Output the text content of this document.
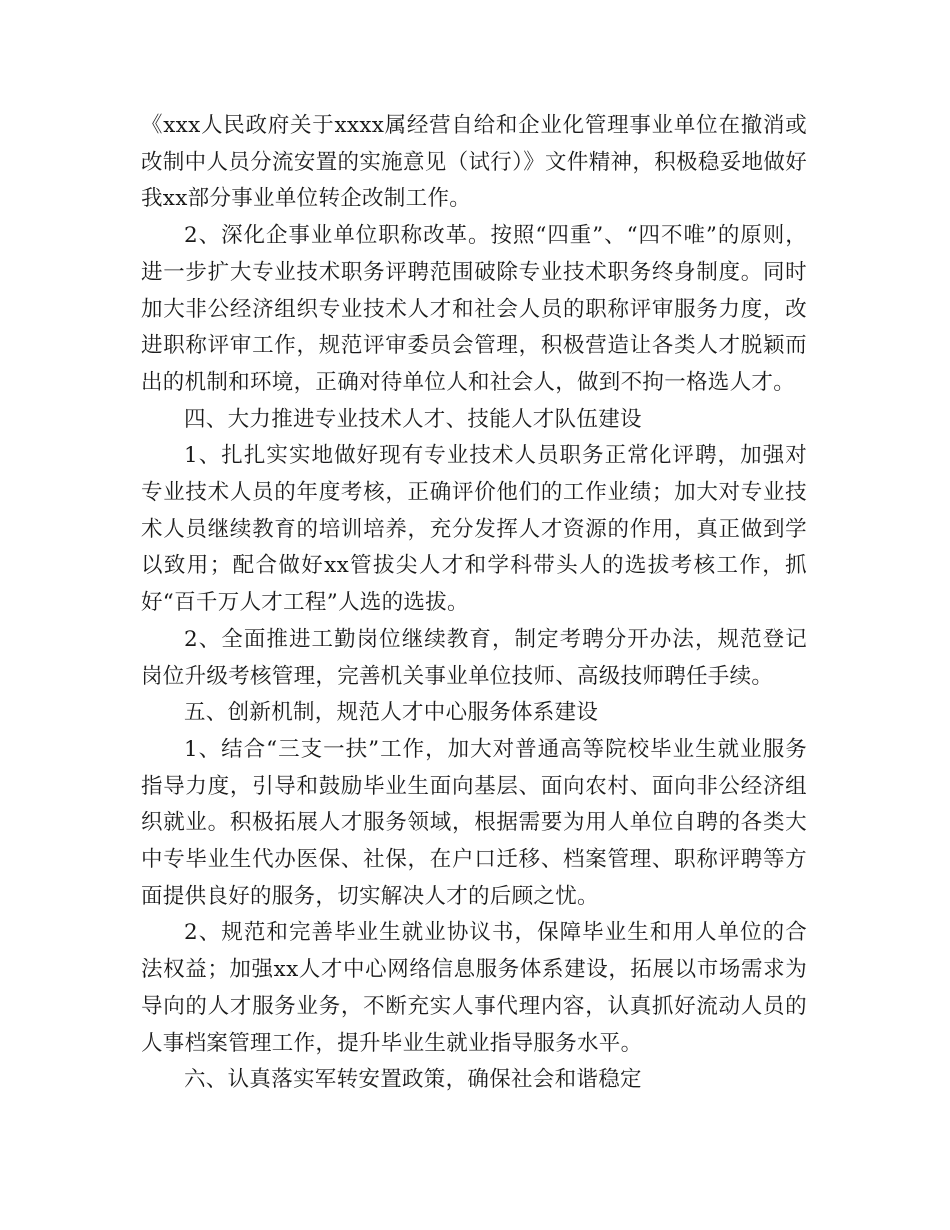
《xxx人民政府关于xxxx属经营自给和企业化管理事业单位在撤消或改制中人员分流安置的实施意见（试行）》文件精神，积极稳妥地做好我xx部分事业单位转企改制工作。

2、深化企事业单位职称改革。按照“四重”、“四不唯”的原则，进一步扩大专业技术职务评聘范围破除专业技术职务终身制度。同时加大非公经济组织专业技术人才和社会人员的职称评审服务力度，改进职称评审工作，规范评审委员会管理，积极营造让各类人才脱颖而出的机制和环境，正确对待单位人和社会人，做到不拘一格选人才。

四、大力推进专业技术人才、技能人才队伍建设

1、扎扎实实地做好现有专业技术人员职务正常化评聘，加强对专业技术人员的年度考核，正确评价他们的工作业绩；加大对专业技术人员继续教育的培训培养，充分发挥人才资源的作用，真正做到学以致用；配合做好xx管拔尖人才和学科带头人的选拔考核工作，抓好“百千万人才工程”人选的选拔。

2、全面推进工勤岗位继续教育，制定考聘分开办法，规范登记岗位升级考核管理，完善机关事业单位技师、高级技师聘任手续。

五、创新机制，规范人才中心服务体系建设

1、结合“三支一扶”工作，加大对普通高等院校毕业生就业服务指导力度，引导和鼓励毕业生面向基层、面向农村、面向非公经济组织就业。积极拓展人才服务领域，根据需要为用人单位自聘的各类大中专毕业生代办医保、社保，在户口迁移、档案管理、职称评聘等方面提供良好的服务，切实解决人才的后顾之忧。

2、规范和完善毕业生就业协议书，保障毕业生和用人单位的合法权益；加强xx人才中心网络信息服务体系建设，拓展以市场需求为导向的人才服务业务，不断充实人事代理内容，认真抓好流动人员的人事档案管理工作，提升毕业生就业指导服务水平。

六、认真落实军转安置政策，确保社会和谐稳定
